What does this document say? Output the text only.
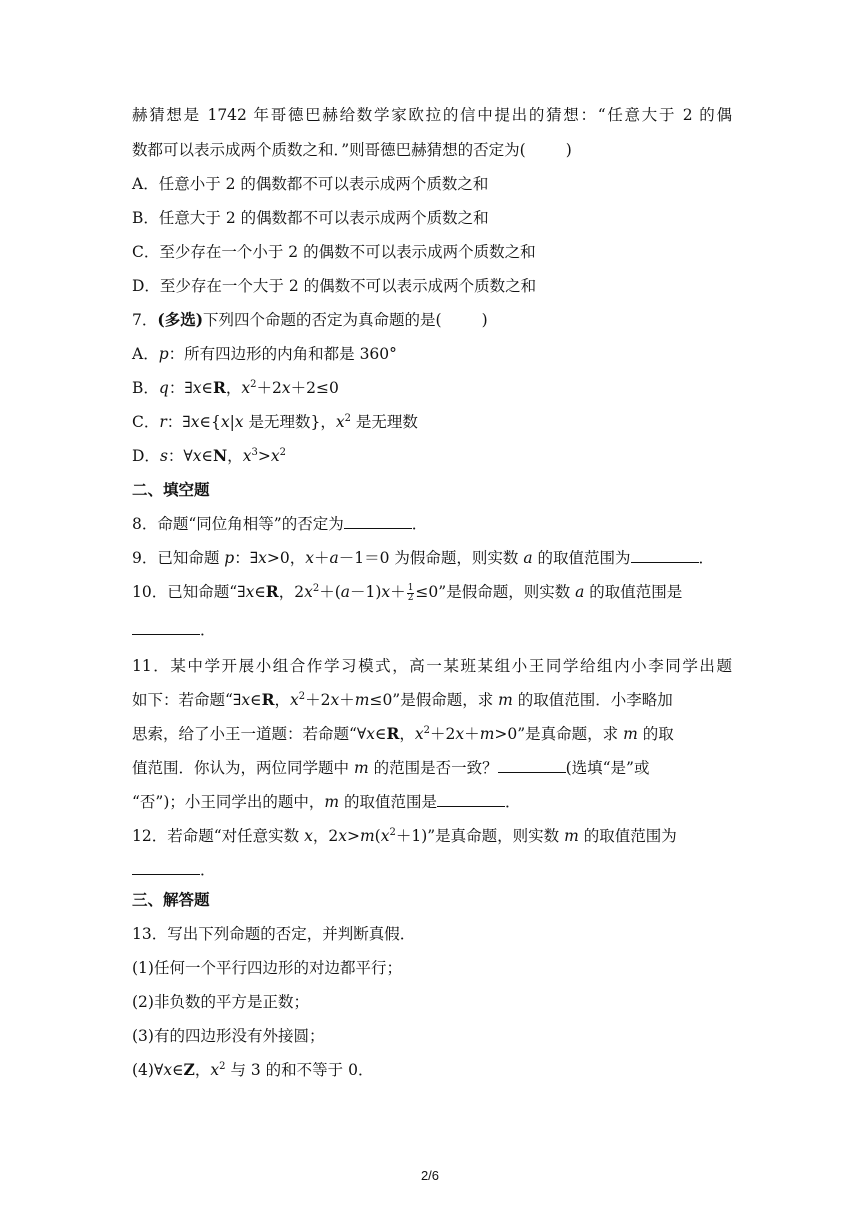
赫猜想是 1742 年哥德巴赫给数学家欧拉的信中提出的猜想：“任意大于 2 的偶
数都可以表示成两个质数之和．”则哥德巴赫猜想的否定为(	)
A．任意小于 2 的偶数都不可以表示成两个质数之和
B．任意大于 2 的偶数都不可以表示成两个质数之和
C．至少存在一个小于 2 的偶数不可以表示成两个质数之和
D．至少存在一个大于 2 的偶数不可以表示成两个质数之和
7．(多选)下列四个命题的否定为真命题的是(	)
A．p：所有四边形的内角和都是 360°
B．q：∃x∈R，$x^2+2x+2\le 0$
C．r：∃x∈{x|x 是无理数}，$x^2$ 是无理数
D．s：∀x∈N，$x^3>x^2$
二、填空题
8．命题“同位角相等”的否定为	．
9．已知命题 p：∃x>0，x＋a－1＝0 为假命题，则实数 a 的取值范围为	．
10．已知命题“∃x∈R，$2x^2+(a-1)x+ \frac{1}{2} \le 0$”是假命题，则实数 a 的取值范围是
．
11．某中学开展小组合作学习模式，高一某班某组小王同学给组内小李同学出题
如下：若命题“∃x∈R，$x^2+2x+m\le 0$”是假命题，求 m 的取值范围．小李略加
思索，给了小王一道题：若命题“∀x∈R，$x^2+2x+m>0$”是真命题，求 m 的取
值范围．你认为，两位同学题中 m 的范围是否一致？	(选填“是”或
“否”)；小王同学出的题中，m 的取值范围是	．
12．若命题“对任意实数 x，$2x>m(x^2+1)$”是真命题，则实数 m 的取值范围为
．
三、解答题
13．写出下列命题的否定，并判断真假．
(1)任何一个平行四边形的对边都平行；
(2)非负数的平方是正数；
(3)有的四边形没有外接圆；
(4)∀x∈Z，$x^2$ 与 3 的和不等于 0．
2/6
